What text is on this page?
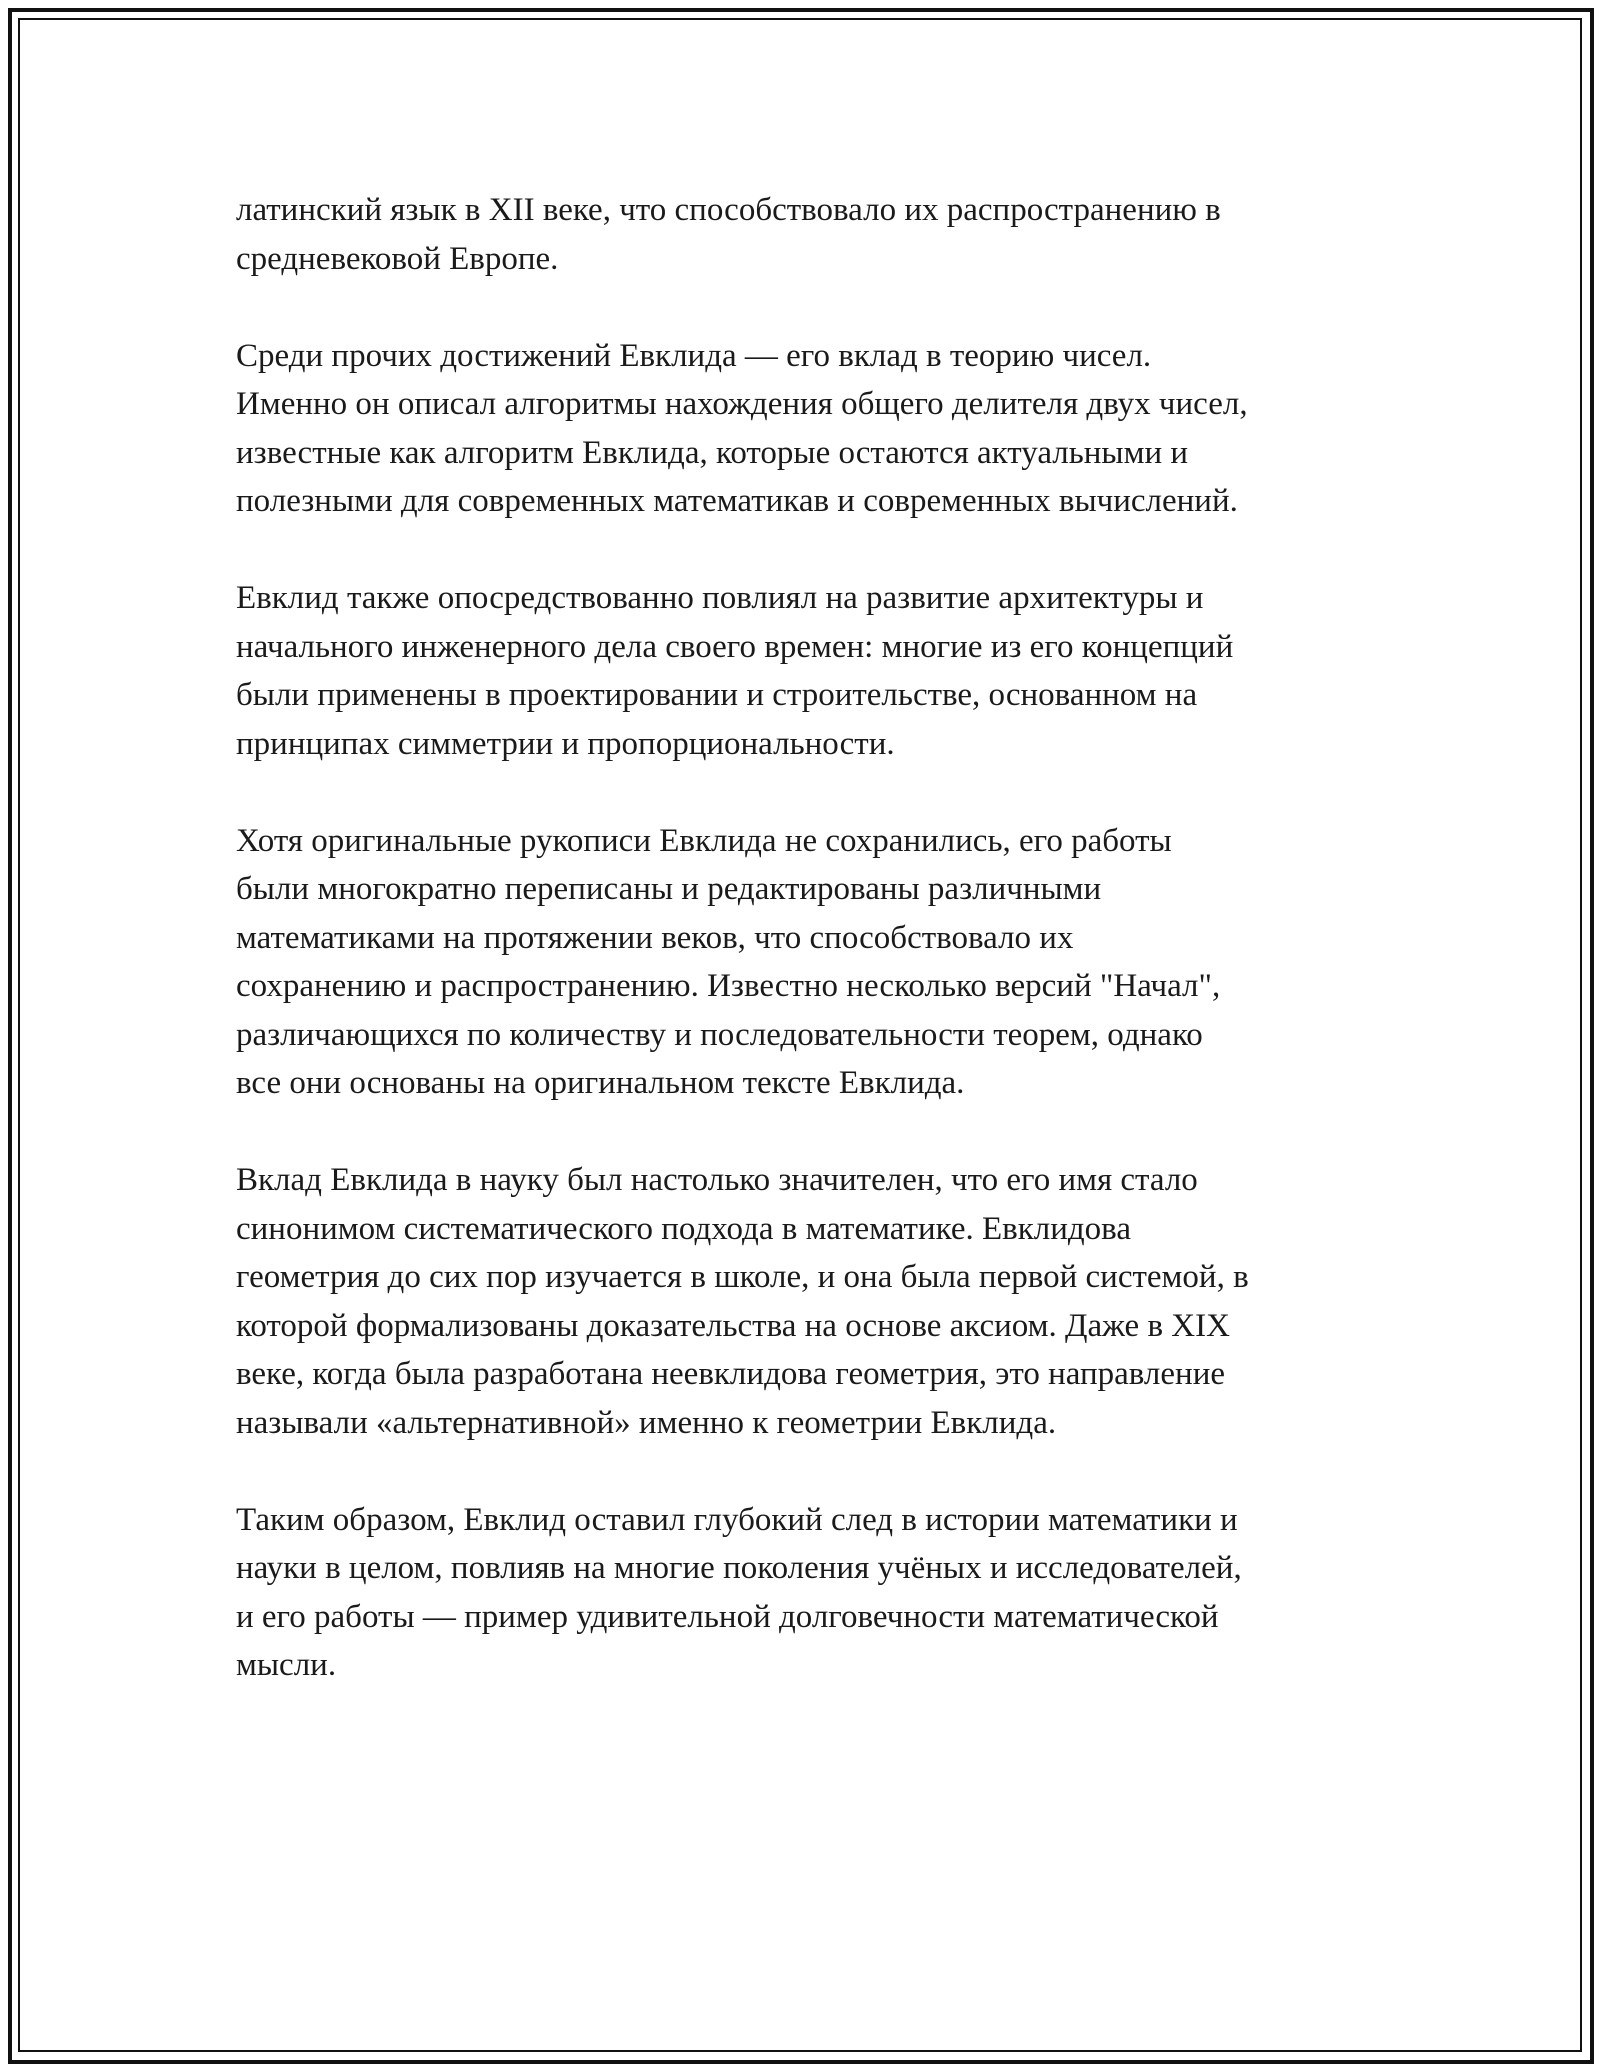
латинский язык в XII веке, что способствовало их распространению в
средневековой Европе.

Среди прочих достижений Евклида — его вклад в теорию чисел.
Именно он описал алгоритмы нахождения общего делителя двух чисел,
известные как алгоритм Евклида, которые остаются актуальными и
полезными для современных математикав и современных вычислений.

Евклид также опосредствованно повлиял на развитие архитектуры и
начального инженерного дела своего времен: многие из его концепций
были применены в проектировании и строительстве, основанном на
принципах симметрии и пропорциональности.

Хотя оригинальные рукописи Евклида не сохранились, его работы
были многократно переписаны и редактированы различными
математиками на протяжении веков, что способствовало их
сохранению и распространению. Известно несколько версий "Начал",
различающихся по количеству и последовательности теорем, однако
все они основаны на оригинальном тексте Евклида.

Вклад Евклида в науку был настолько значителен, что его имя стало
синонимом систематического подхода в математике. Евклидова
геометрия до сих пор изучается в школе, и она была первой системой, в
которой формализованы доказательства на основе аксиом. Даже в XIX
веке, когда была разработана неевклидова геометрия, это направление
называли «альтернативной» именно к геометрии Евклида.

Таким образом, Евклид оставил глубокий след в истории математики и
науки в целом, повлияв на многие поколения учёных и исследователей,
и его работы — пример удивительной долговечности математической
мысли.
